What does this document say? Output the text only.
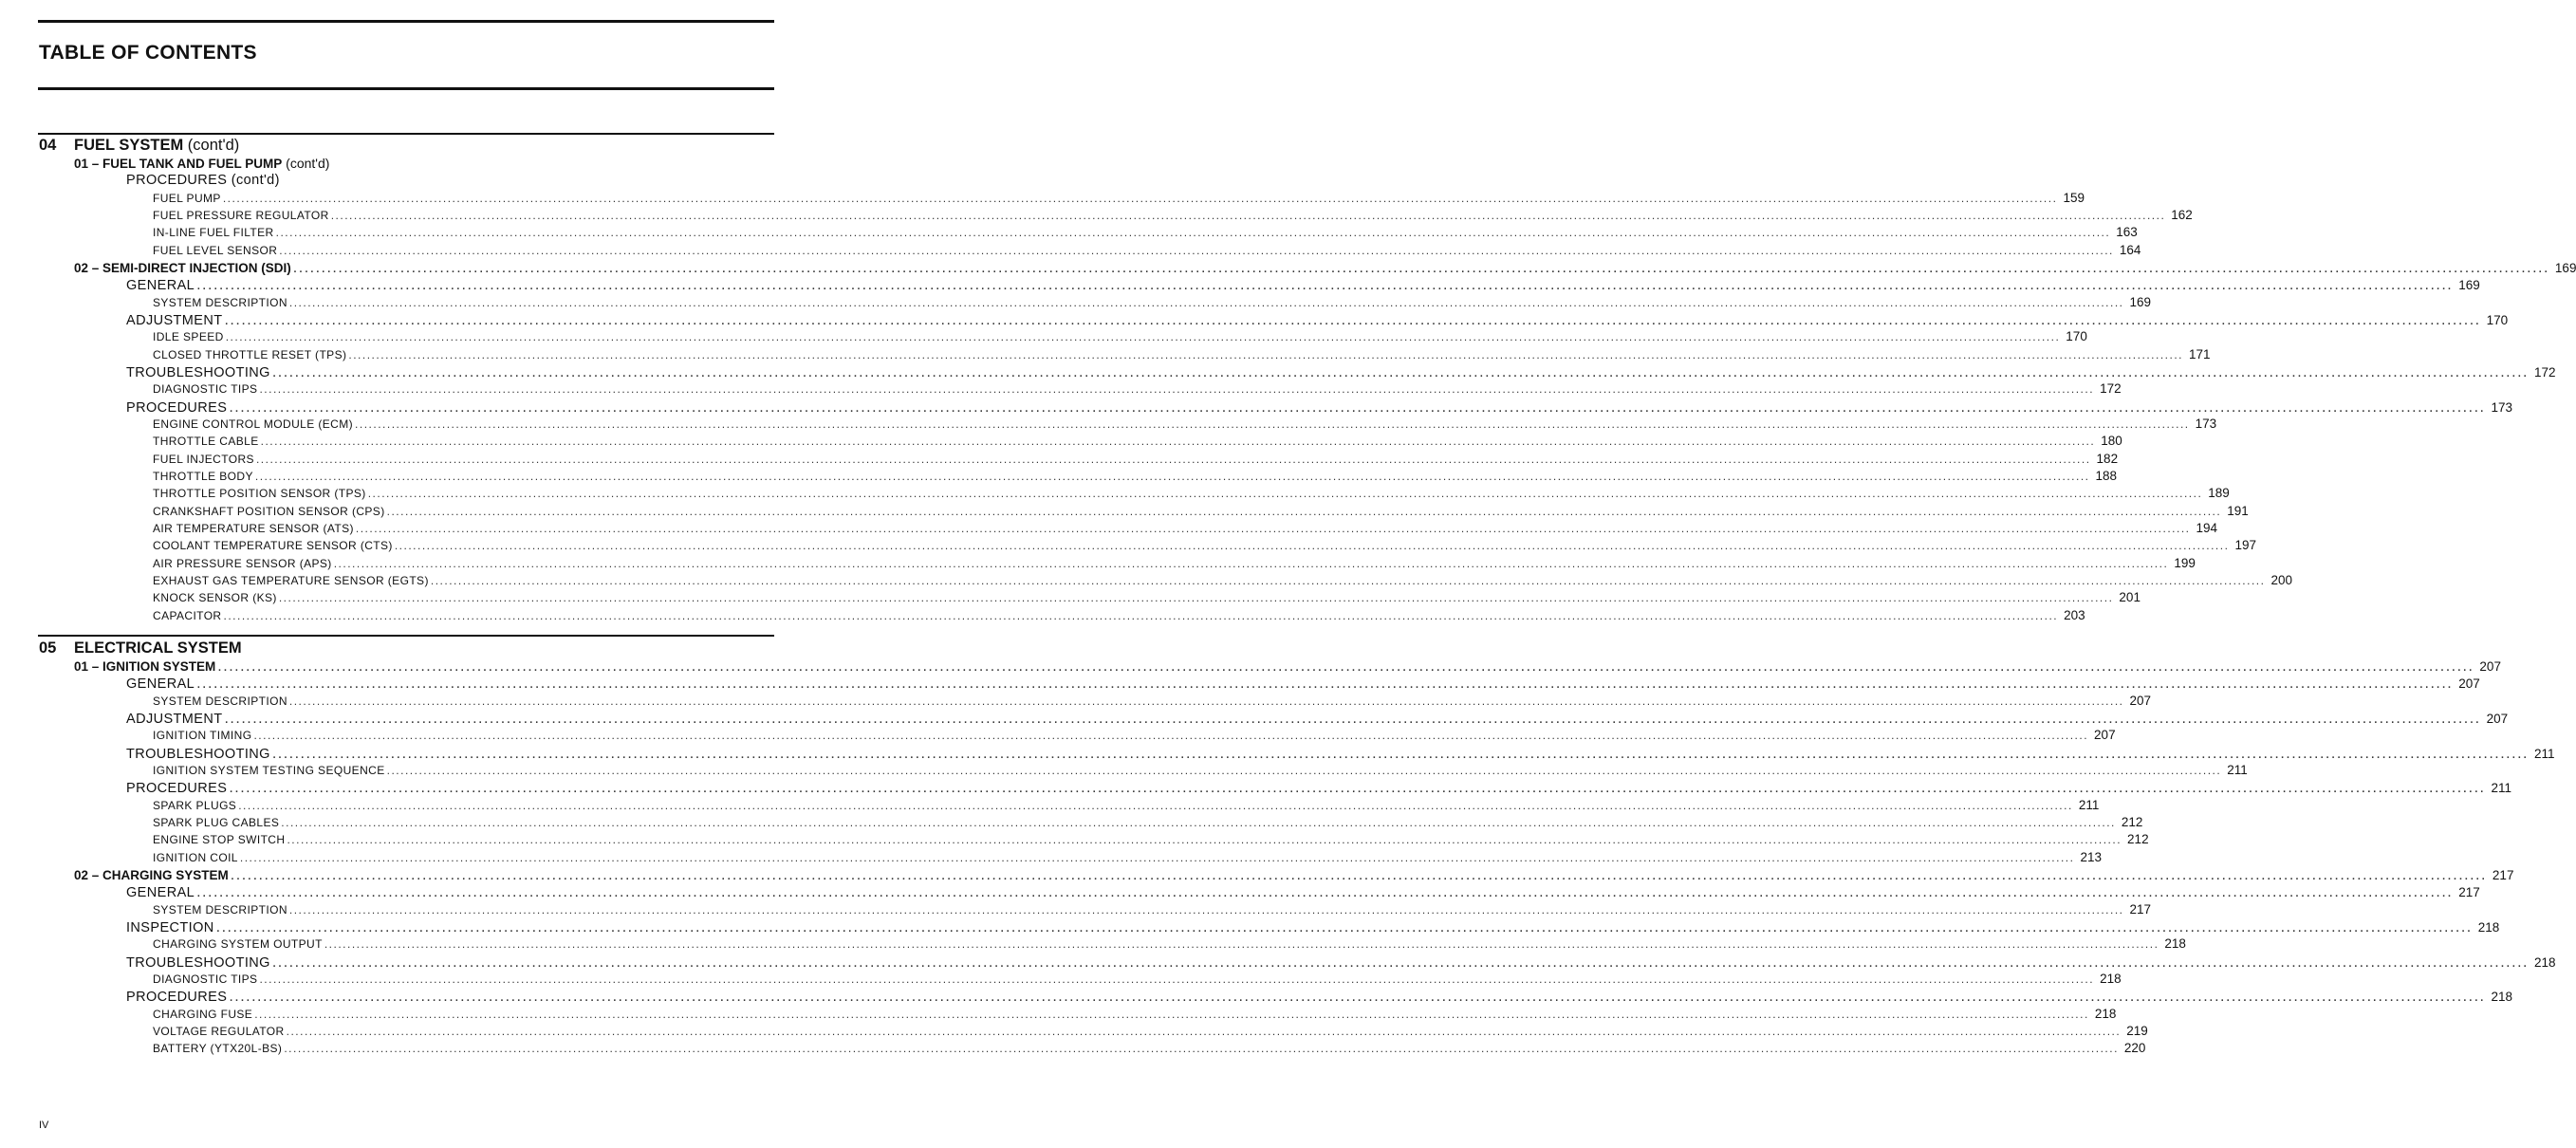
TABLE OF CONTENTS
04 FUEL SYSTEM (cont'd)
01 – FUEL TANK AND FUEL PUMP (cont'd)
PROCEDURES (cont'd)
FUEL PUMP ................................................................................................................................................................................................................................................................................................................................................................................................................ 159
FUEL PRESSURE REGULATOR ................................................................................................................................................................................................................................................................................................................................................................................................................ 162
IN-LINE FUEL FILTER ................................................................................................................................................................................................................................................................................................................................................................................................................ 163
FUEL LEVEL SENSOR ................................................................................................................................................................................................................................................................................................................................................................................................................ 164
02 – SEMI-DIRECT INJECTION (SDI) ................................................................................................................................................................................................................................................................................................................................................................................................................ 169
GENERAL ................................................................................................................................................................................................................................................................................................................................................................................................................ 169
SYSTEM DESCRIPTION ................................................................................................................................................................................................................................................................................................................................................................................................................ 169
ADJUSTMENT ................................................................................................................................................................................................................................................................................................................................................................................................................ 170
IDLE SPEED ................................................................................................................................................................................................................................................................................................................................................................................................................ 170
CLOSED THROTTLE RESET (TPS) ................................................................................................................................................................................................................................................................................................................................................................................................................ 171
TROUBLESHOOTING ................................................................................................................................................................................................................................................................................................................................................................................................................ 172
DIAGNOSTIC TIPS ................................................................................................................................................................................................................................................................................................................................................................................................................ 172
PROCEDURES ................................................................................................................................................................................................................................................................................................................................................................................................................ 173
ENGINE CONTROL MODULE (ECM) ................................................................................................................................................................................................................................................................................................................................................................................................................ 173
THROTTLE CABLE ................................................................................................................................................................................................................................................................................................................................................................................................................ 180
FUEL INJECTORS ................................................................................................................................................................................................................................................................................................................................................................................................................ 182
THROTTLE BODY ................................................................................................................................................................................................................................................................................................................................................................................................................ 188
THROTTLE POSITION SENSOR (TPS) ................................................................................................................................................................................................................................................................................................................................................................................................................ 189
CRANKSHAFT POSITION SENSOR (CPS) ................................................................................................................................................................................................................................................................................................................................................................................................................ 191
AIR TEMPERATURE SENSOR (ATS) ................................................................................................................................................................................................................................................................................................................................................................................................................ 194
COOLANT TEMPERATURE SENSOR (CTS) ................................................................................................................................................................................................................................................................................................................................................................................................................ 197
AIR PRESSURE SENSOR (APS) ................................................................................................................................................................................................................................................................................................................................................................................................................ 199
EXHAUST GAS TEMPERATURE SENSOR (EGTS) ................................................................................................................................................................................................................................................................................................................................................................................................................ 200
KNOCK SENSOR (KS) ................................................................................................................................................................................................................................................................................................................................................................................................................ 201
CAPACITOR ................................................................................................................................................................................................................................................................................................................................................................................................................ 203
05 ELECTRICAL SYSTEM
01 – IGNITION SYSTEM ................................................................................................................................................................................................................................................................................................................................................................................................................ 207
GENERAL ................................................................................................................................................................................................................................................................................................................................................................................................................ 207
SYSTEM DESCRIPTION ................................................................................................................................................................................................................................................................................................................................................................................................................ 207
ADJUSTMENT ................................................................................................................................................................................................................................................................................................................................................................................................................ 207
IGNITION TIMING ................................................................................................................................................................................................................................................................................................................................................................................................................ 207
TROUBLESHOOTING ................................................................................................................................................................................................................................................................................................................................................................................................................ 211
IGNITION SYSTEM TESTING SEQUENCE ................................................................................................................................................................................................................................................................................................................................................................................................................ 211
PROCEDURES ................................................................................................................................................................................................................................................................................................................................................................................................................ 211
SPARK PLUGS ................................................................................................................................................................................................................................................................................................................................................................................................................ 211
SPARK PLUG CABLES ................................................................................................................................................................................................................................................................................................................................................................................................................ 212
ENGINE STOP SWITCH ................................................................................................................................................................................................................................................................................................................................................................................................................ 212
IGNITION COIL ................................................................................................................................................................................................................................................................................................................................................................................................................ 213
02 – CHARGING SYSTEM ................................................................................................................................................................................................................................................................................................................................................................................................................ 217
GENERAL ................................................................................................................................................................................................................................................................................................................................................................................................................ 217
SYSTEM DESCRIPTION ................................................................................................................................................................................................................................................................................................................................................................................................................ 217
INSPECTION ................................................................................................................................................................................................................................................................................................................................................................................................................ 218
CHARGING SYSTEM OUTPUT ................................................................................................................................................................................................................................................................................................................................................................................................................ 218
TROUBLESHOOTING ................................................................................................................................................................................................................................................................................................................................................................................................................ 218
DIAGNOSTIC TIPS ................................................................................................................................................................................................................................................................................................................................................................................................................ 218
PROCEDURES ................................................................................................................................................................................................................................................................................................................................................................................................................ 218
CHARGING FUSE ................................................................................................................................................................................................................................................................................................................................................................................................................ 218
VOLTAGE REGULATOR ................................................................................................................................................................................................................................................................................................................................................................................................................ 219
BATTERY (YTX20L-BS) ................................................................................................................................................................................................................................................................................................................................................................................................................ 220
IV
